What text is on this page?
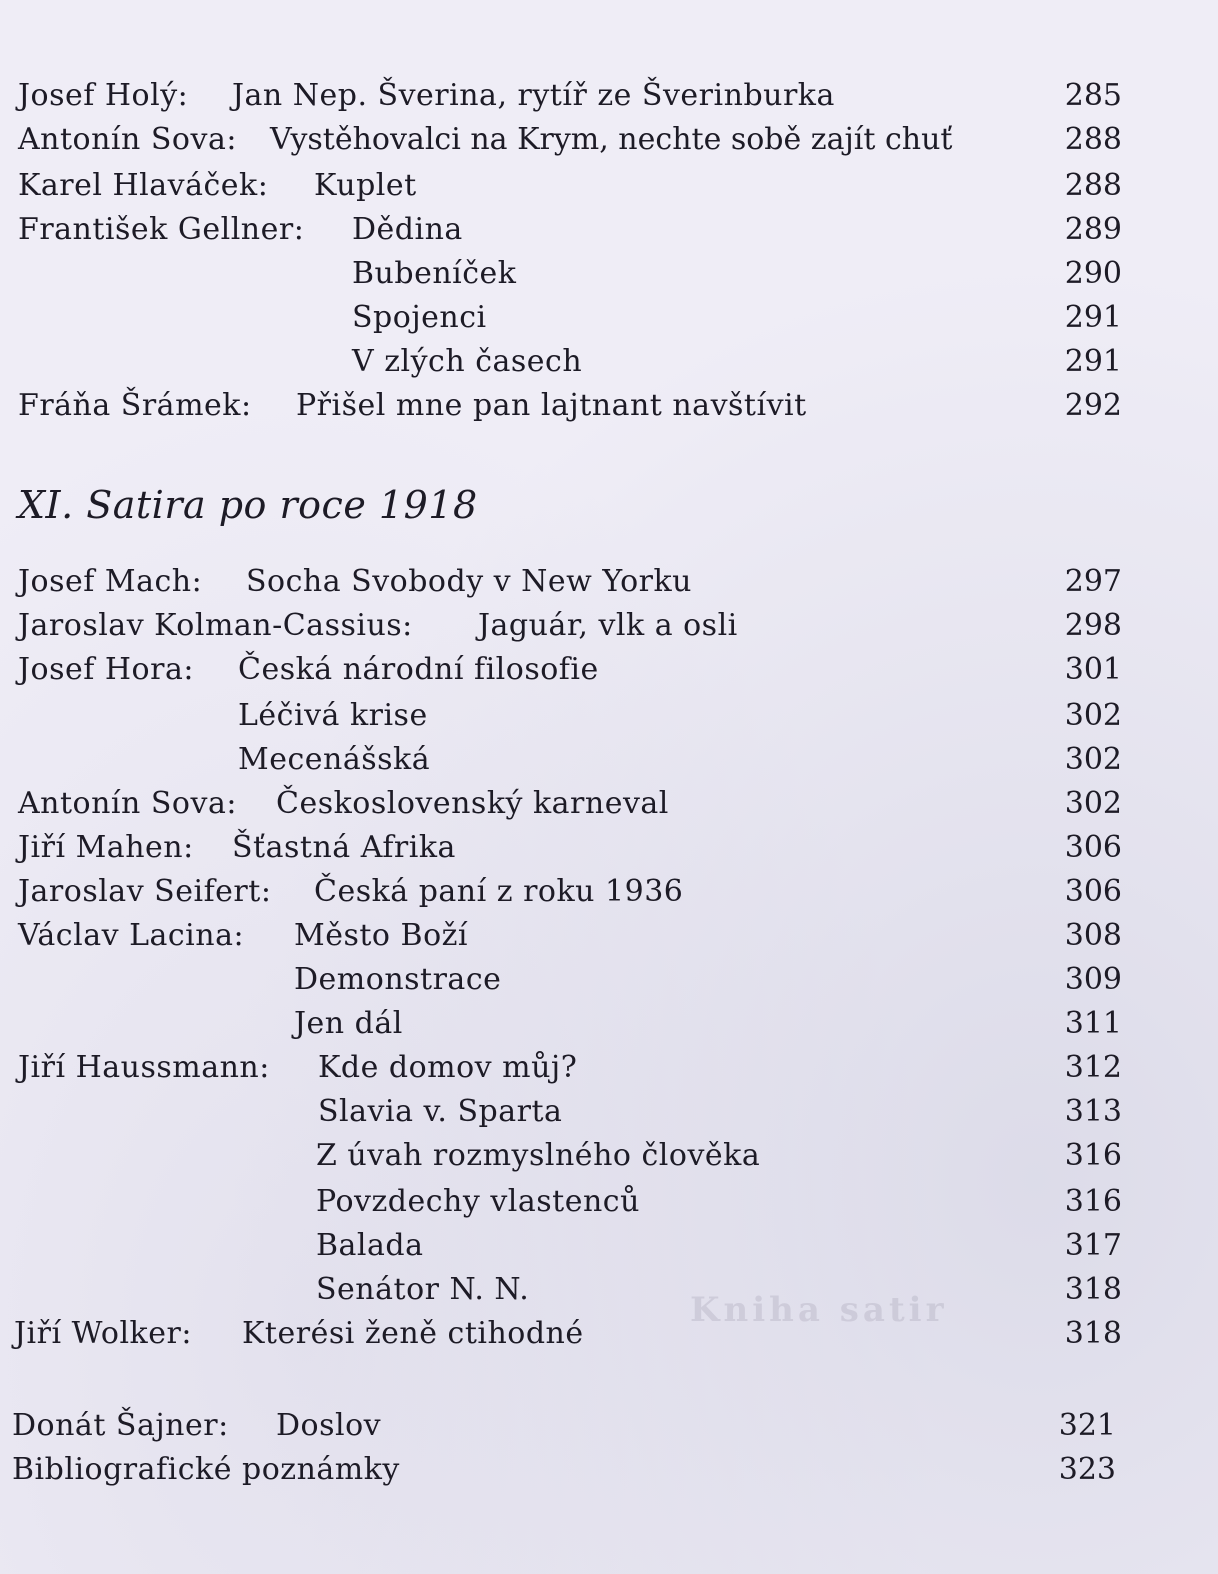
Kniha satir
Josef Holý: Jan Nep. Šverina, rytíř ze Šverinburka	285
Antonín Sova: Vystěhovalci na Krym, nechte sobě zajít chuť	288
Karel Hlaváček: Kuplet	288
František Gellner: Dědina	289
Bubeníček	290
Spojenci	291
V zlých časech	291
Fráňa Šrámek: Přišel mne pan lajtnant navštívit	292
XI. Satira po roce 1918
Josef Mach: Socha Svobody v New Yorku	297
Jaroslav Kolman-Cassius: Jaguár, vlk a osli	298
Josef Hora: Česká národní filosofie	301
Léčivá krise	302
Mecenášská	302
Antonín Sova: Československý karneval	302
Jiří Mahen: Šťastná Afrika	306
Jaroslav Seifert: Česká paní z roku 1936	306
Václav Lacina: Město Boží	308
Demonstrace	309
Jen dál	311
Jiří Haussmann: Kde domov můj?	312
Slavia v. Sparta	313
Z úvah rozmyslného člověka	316
Povzdechy vlastenců	316
Balada	317
Senátor N. N.	318
Jiří Wolker: Kterési ženě ctihodné	318
Donát Šajner: Doslov	321
Bibliografické poznámky	323
